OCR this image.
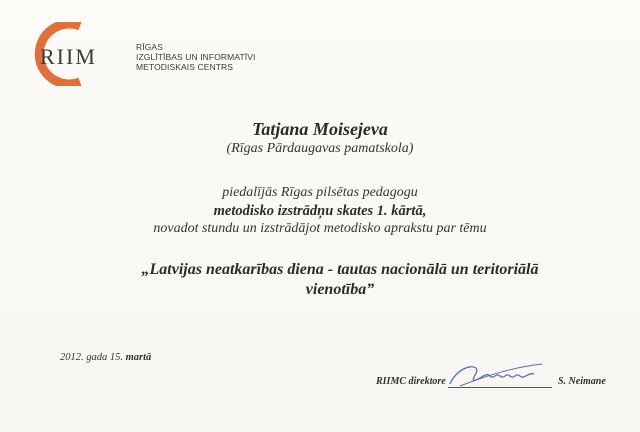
RIIM	RĪGAS
IZGLĪTĪBAS UN INFORMATĪVI
METODISKAIS CENTRS

Tatjana Moisejeva

(Rīgas Pārdaugavas pamatskola)

piedalījās Rīgas pilsētas pedagogu

metodisko izstrādņu skates 1. kārtā,

novadot stundu un izstrādājot metodisko aprakstu par tēmu

„Latvijas neatkarības diena - tautas nacionālā un teritoriālā
vienotība”
2012. gada 15. martā
RIIMC direktore	S. Neimane
